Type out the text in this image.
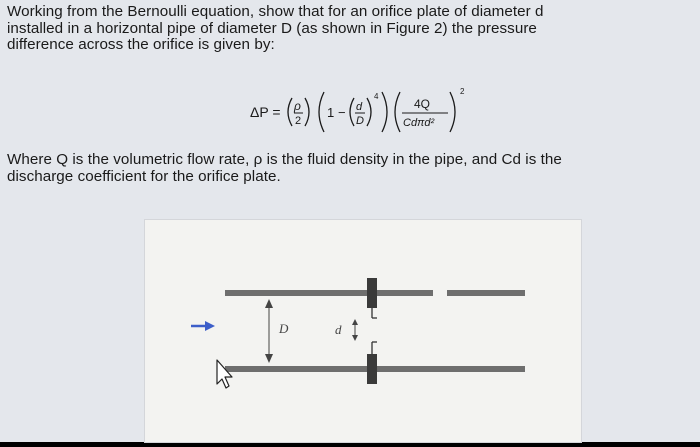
Working from the Bernoulli equation, show that for an orifice plate of diameter d
installed in a horizontal pipe of diameter D (as shown in Figure 2) the pressure
difference across the orifice is given by:
ΔP = ρ
2
1 − d
D
4
4Q
Cdπd²
2
Where Q is the volumetric flow rate, ρ is the fluid density in the pipe, and Cd is the
discharge coefficient for the orifice plate.
D	d
